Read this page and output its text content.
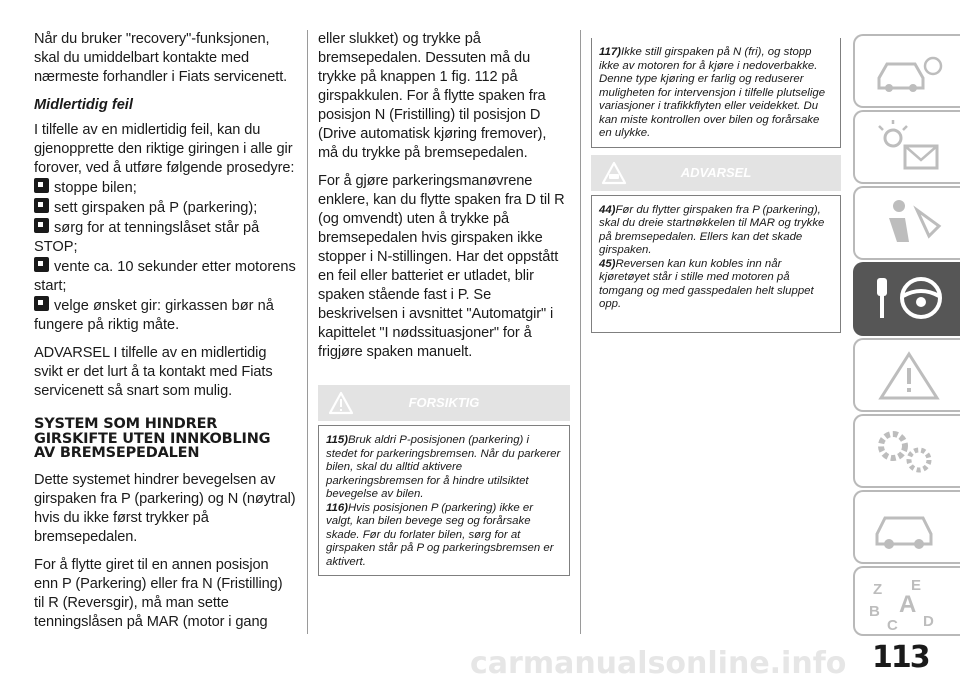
Når du bruker "recovery"-funksjonen, skal du umiddelbart kontakte med nærmeste forhandler i Fiats servicenett.

Midlertidig feil

I tilfelle av en midlertidig feil, kan du gjenopprette den riktige giringen i alle gir forover, ved å utføre følgende prosedyre:

stoppe bilen;

sett girspaken på P (parkering);

sørg for at tenningslåset står på STOP;

vente ca. 10 sekunder etter motorens start;

velge ønsket gir: girkassen bør nå fungere på riktig måte.

ADVARSEL I tilfelle av en midlertidig svikt er det lurt å ta kontakt med Fiats servicenett så snart som mulig.

SYSTEM SOM HINDRER GIRSKIFTE UTEN INNKOBLING AV BREMSEPEDALEN

Dette systemet hindrer bevegelsen av girspaken fra P (parkering) og N (nøytral) hvis du ikke først trykker på bremsepedalen.

For å flytte giret til en annen posisjon enn P (Parkering) eller fra N (Fristilling) til R (Reversgir), må man sette tenningslåsen på MAR (motor i gang

eller slukket) og trykke på bremsepedalen. Dessuten må du trykke på knappen 1 fig. 112 på girspakkulen. For å flytte spaken fra posisjon N (Fristilling) til posisjon D (Drive automatisk kjøring fremover), må du trykke på bremsepedalen.

For å gjøre parkeringsmanøvrene enklere, kan du flytte spaken fra D til R (og omvendt) uten å trykke på bremsepedalen hvis girspaken ikke stopper i N-stillingen. Har det oppstått en feil eller batteriet er utladet, blir spaken stående fast i P. Se beskrivelsen i avsnittet "Automatgir" i kapittelet "I nødssituasjoner" for å frigjøre spaken manuelt.

FORSIKTIG
115)Bruk aldri P-posisjonen (parkering) i stedet for parkeringsbremsen. Når du parkerer bilen, skal du alltid aktivere parkeringsbremsen for å hindre utilsiktet bevegelse av bilen.
116)Hvis posisjonen P (parkering) ikke er valgt, kan bilen bevege seg og forårsake skade. Før du forlater bilen, sørg for at girspaken står på P og parkeringsbremsen er aktivert.
117)Ikke still girspaken på N (fri), og stopp ikke av motoren for å kjøre i nedoverbakke. Denne type kjøring er farlig og reduserer muligheten for intervensjon i tilfelle plutselige variasjoner i trafikkflyten eller veidekket. Du kan miste kontrollen over bilen og forårsake en ulykke.
ADVARSEL
44)Før du flytter girspaken fra P (parkering), skal du dreie startnøkkelen til MAR og trykke på bremsepedalen. Ellers kan det skade girspaken.
45)Reversen kan kun kobles inn når kjøretøyet står i stille med motoren på tomgang og med gasspedalen helt sluppet opp.
Z E
B A
C D
carmanualsonline.info 113
